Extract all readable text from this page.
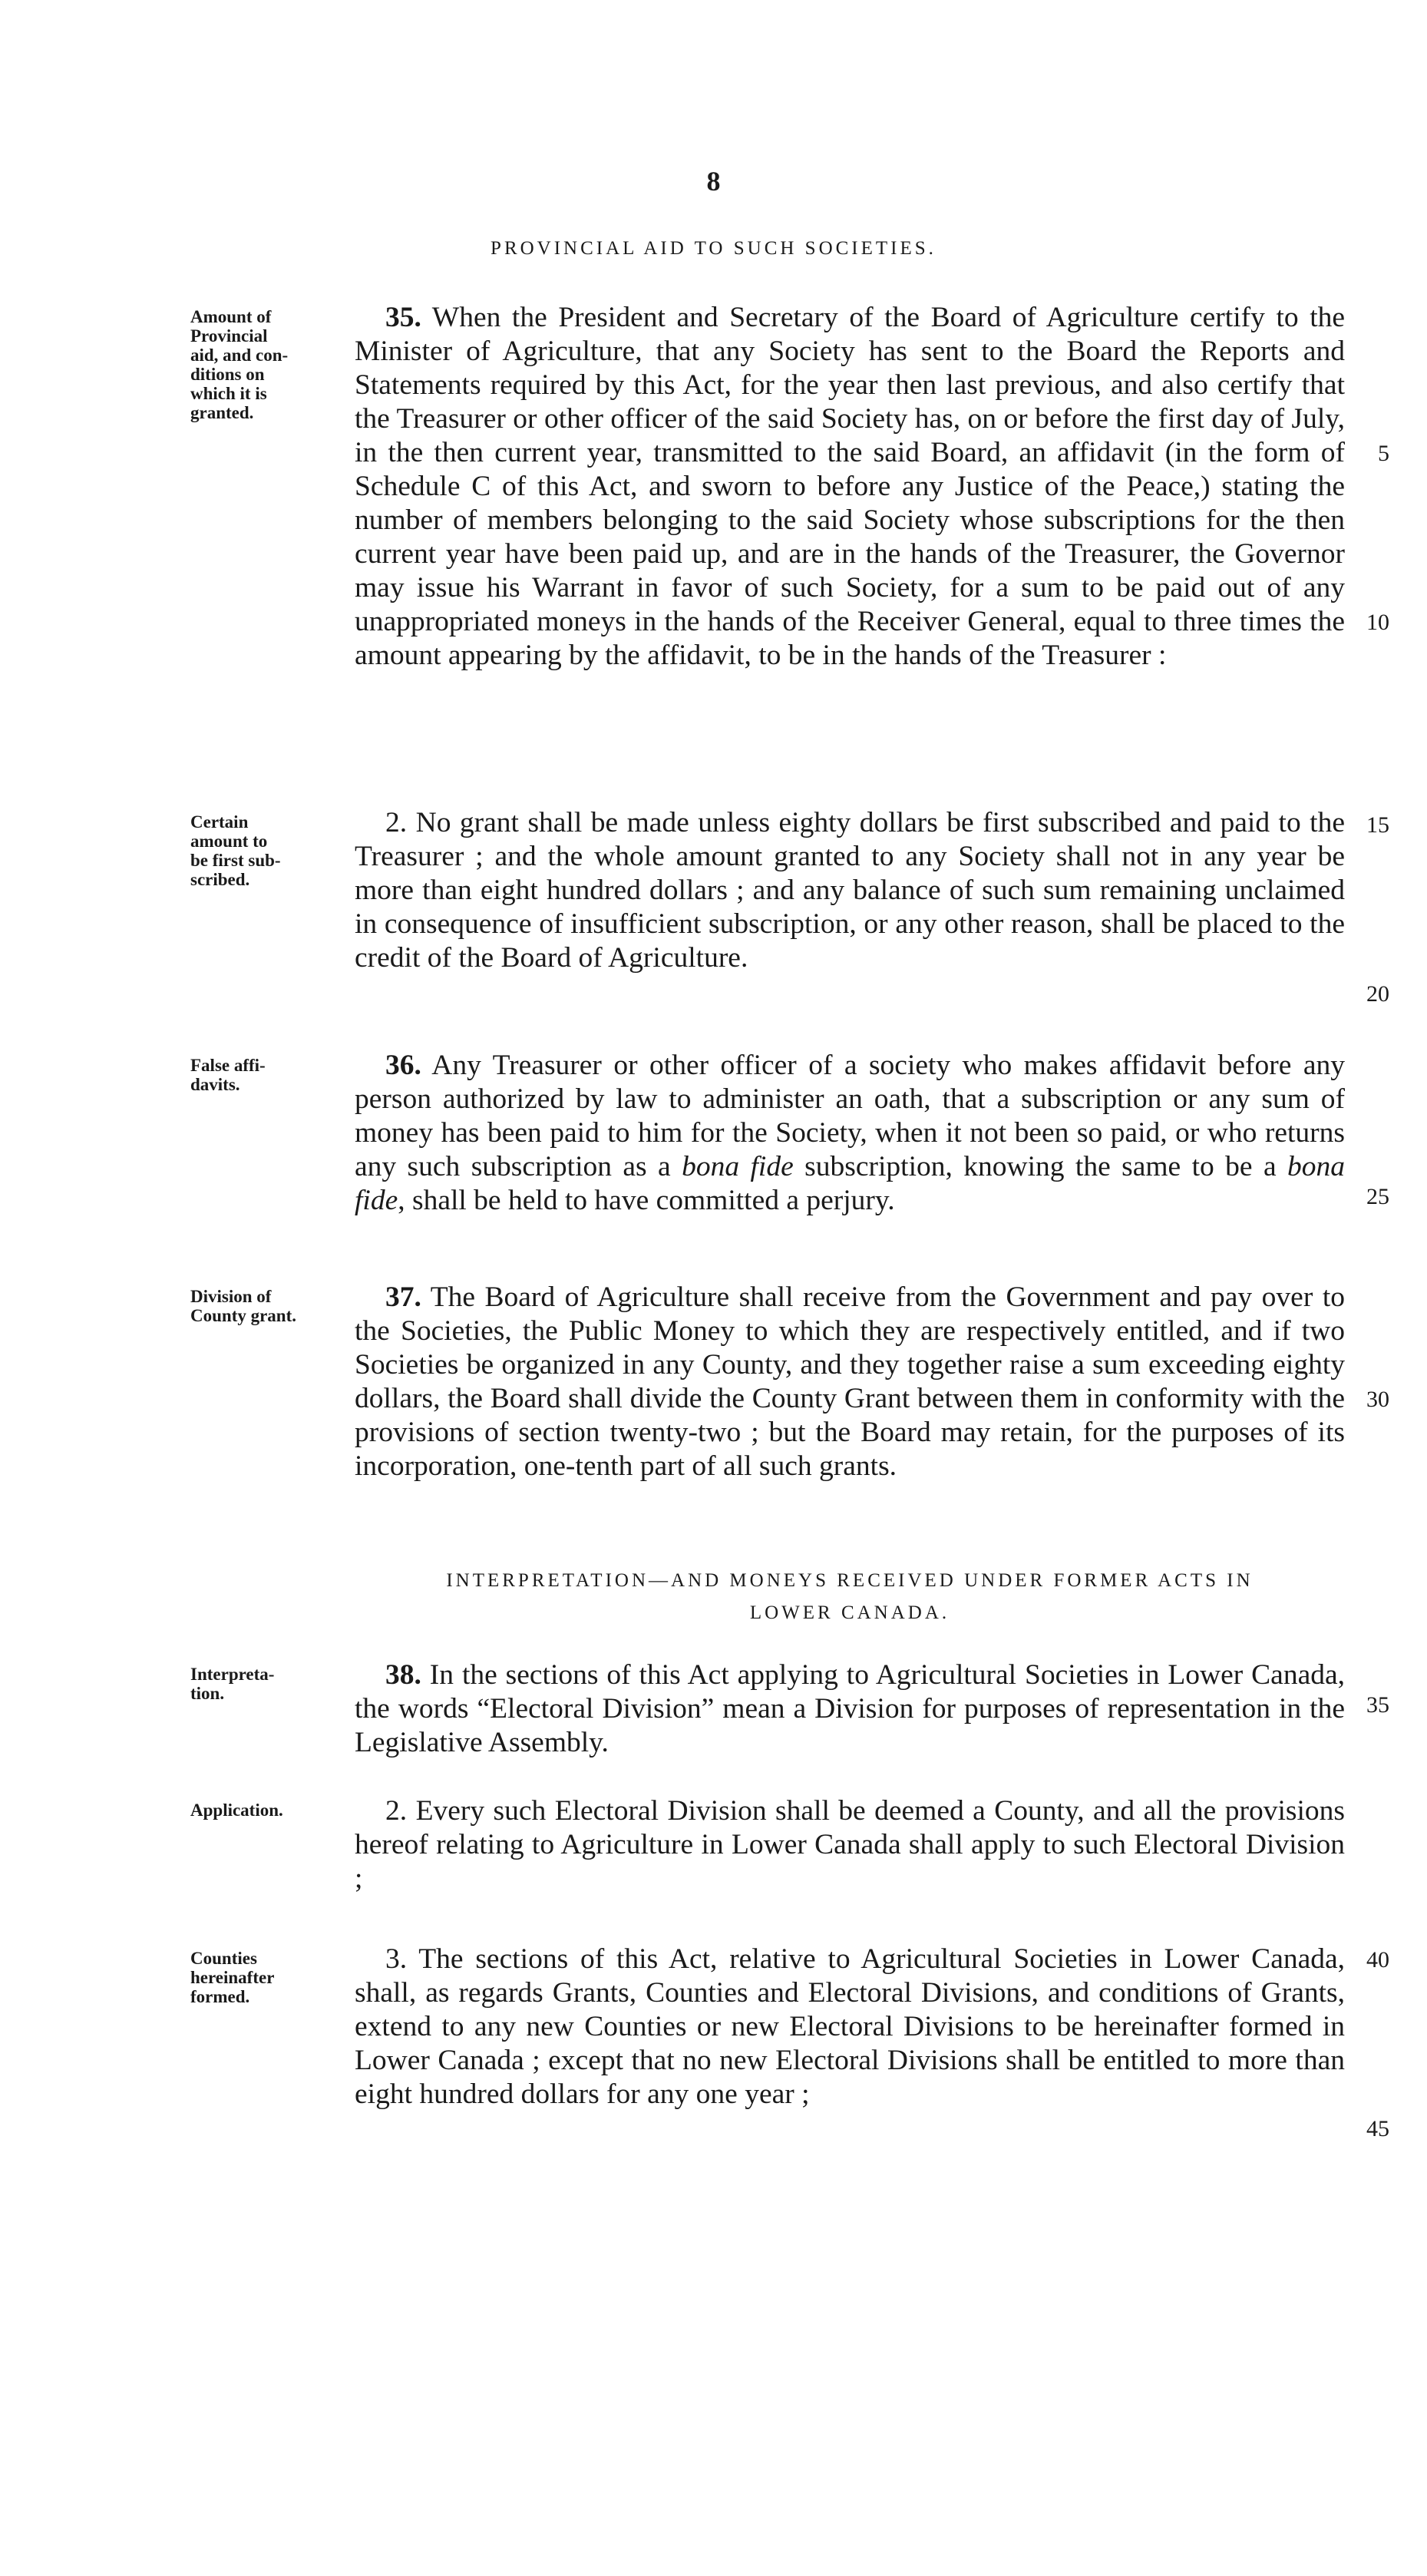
8
PROVINCIAL AID TO SUCH SOCIETIES.
Amount of
Provincial
aid, and con-
ditions on
which it is
granted.
35. When the President and Secretary of the Board of Agriculture certify to the Minister of Agriculture, that any Society has sent to the Board the Reports and Statements required by this Act, for the year then last previous, and also certify that the Treasurer or other officer of the said Society has, on or before the first day of July, in the then current year, transmitted to the said Board, an affidavit (in the form of Schedule C of this Act, and sworn to before any Justice of the Peace,) stating the number of members belonging to the said Society whose subscriptions for the then current year have been paid up, and are in the hands of the Treasurer, the Governor may issue his Warrant in favor of such Society, for a sum to be paid out of any unappropriated moneys in the hands of the Receiver General, equal to three times the amount appearing by the affidavit, to be in the hands of the Treasurer :
Certain
amount to
be first sub-
scribed.
2. No grant shall be made unless eighty dollars be first subscribed and paid to the Treasurer ; and the whole amount granted to any Society shall not in any year be more than eight hundred dollars ; and any balance of such sum remaining unclaimed in consequence of insufficient subscription, or any other reason, shall be placed to the credit of the Board of Agriculture.
False affi-
davits.
36. Any Treasurer or other officer of a society who makes affidavit before any person authorized by law to administer an oath, that a subscription or any sum of money has been paid to him for the Society, when it not been so paid, or who returns any such subscription as a bona fide subscription, knowing the same to be a bona fide, shall be held to have committed a perjury.
Division of
County grant.
37. The Board of Agriculture shall receive from the Government and pay over to the Societies, the Public Money to which they are respectively entitled, and if two Societies be organized in any County, and they together raise a sum exceeding eighty dollars, the Board shall divide the County Grant between them in conformity with the provisions of section twenty-two ; but the Board may retain, for the purposes of its incorporation, one-tenth part of all such grants.
INTERPRETATION—AND MONEYS RECEIVED UNDER FORMER ACTS IN
LOWER CANADA.
Interpreta-
tion.
38. In the sections of this Act applying to Agricultural Societies in Lower Canada, the words “Electoral Division” mean a Division for purposes of representation in the Legislative Assembly.
Application.	2. Every such Electoral Division shall be deemed a County, and all the provisions hereof relating to Agriculture in Lower Canada shall apply to such Electoral Division ;
Counties
hereinafter
formed.
3. The sections of this Act, relative to Agricultural Societies in Lower Canada, shall, as regards Grants, Counties and Electoral Divisions, and conditions of Grants, extend to any new Counties or new Electoral Divisions to be hereinafter formed in Lower Canada ; except that no new Electoral Divisions shall be entitled to more than eight hundred dollars for any one year ;
5
10
15
20
25
30
35
40
45
